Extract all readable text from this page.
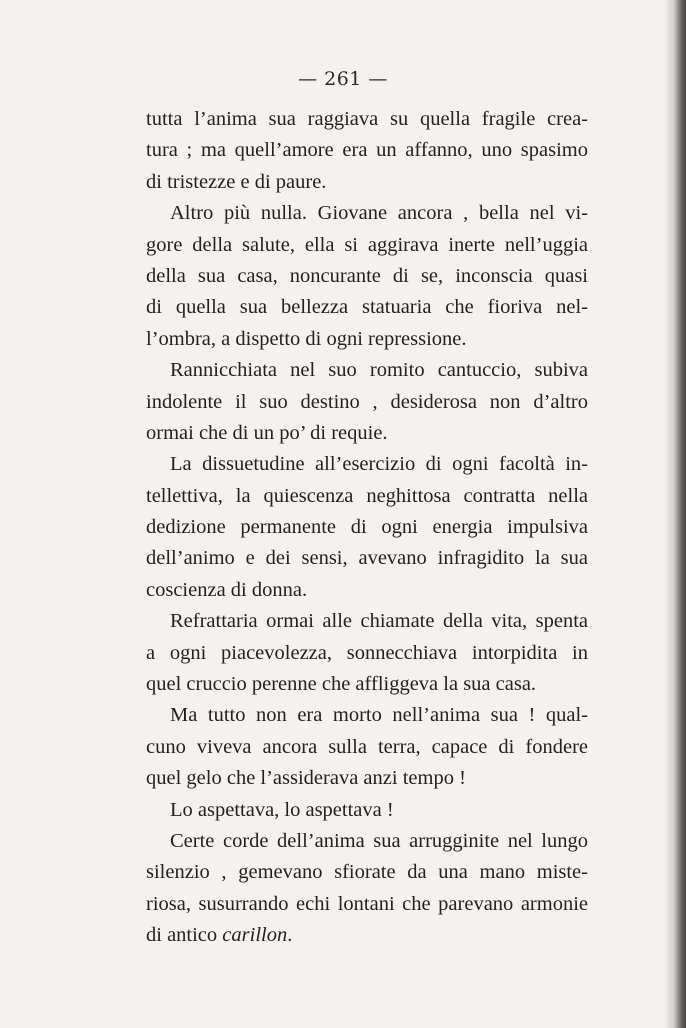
— 261 —
tutta l’anima sua raggiava su quella fragile crea-
tura ; ma quell’amore era un affanno, uno spasimo
di tristezze e di paure.
Altro più nulla. Giovane ancora , bella nel vi-
gore della salute, ella si aggirava inerte nell’uggia
della sua casa, noncurante di se, inconscia quasi
di quella sua bellezza statuaria che fioriva nel-
l’ombra, a dispetto di ogni repressione.
Rannicchiata nel suo romito cantuccio, subiva
indolente il suo destino , desiderosa non d’altro
ormai che di un po’ di requie.
La dissuetudine all’esercizio di ogni facoltà in-
tellettiva, la quiescenza neghittosa contratta nella
dedizione permanente di ogni energia impulsiva
dell’animo e dei sensi, avevano infragidito la sua
coscienza di donna.
Refrattaria ormai alle chiamate della vita, spenta
a ogni piacevolezza, sonnecchiava intorpidita in
quel cruccio perenne che affliggeva la sua casa.
Ma tutto non era morto nell’anima sua ! qual-
cuno viveva ancora sulla terra, capace di fondere
quel gelo che l’assiderava anzi tempo !
Lo aspettava, lo aspettava !
Certe corde dell’anima sua arrugginite nel lungo
silenzio , gemevano sfiorate da una mano miste-
riosa, susurrando echi lontani che parevano armonie
di antico carillon.
